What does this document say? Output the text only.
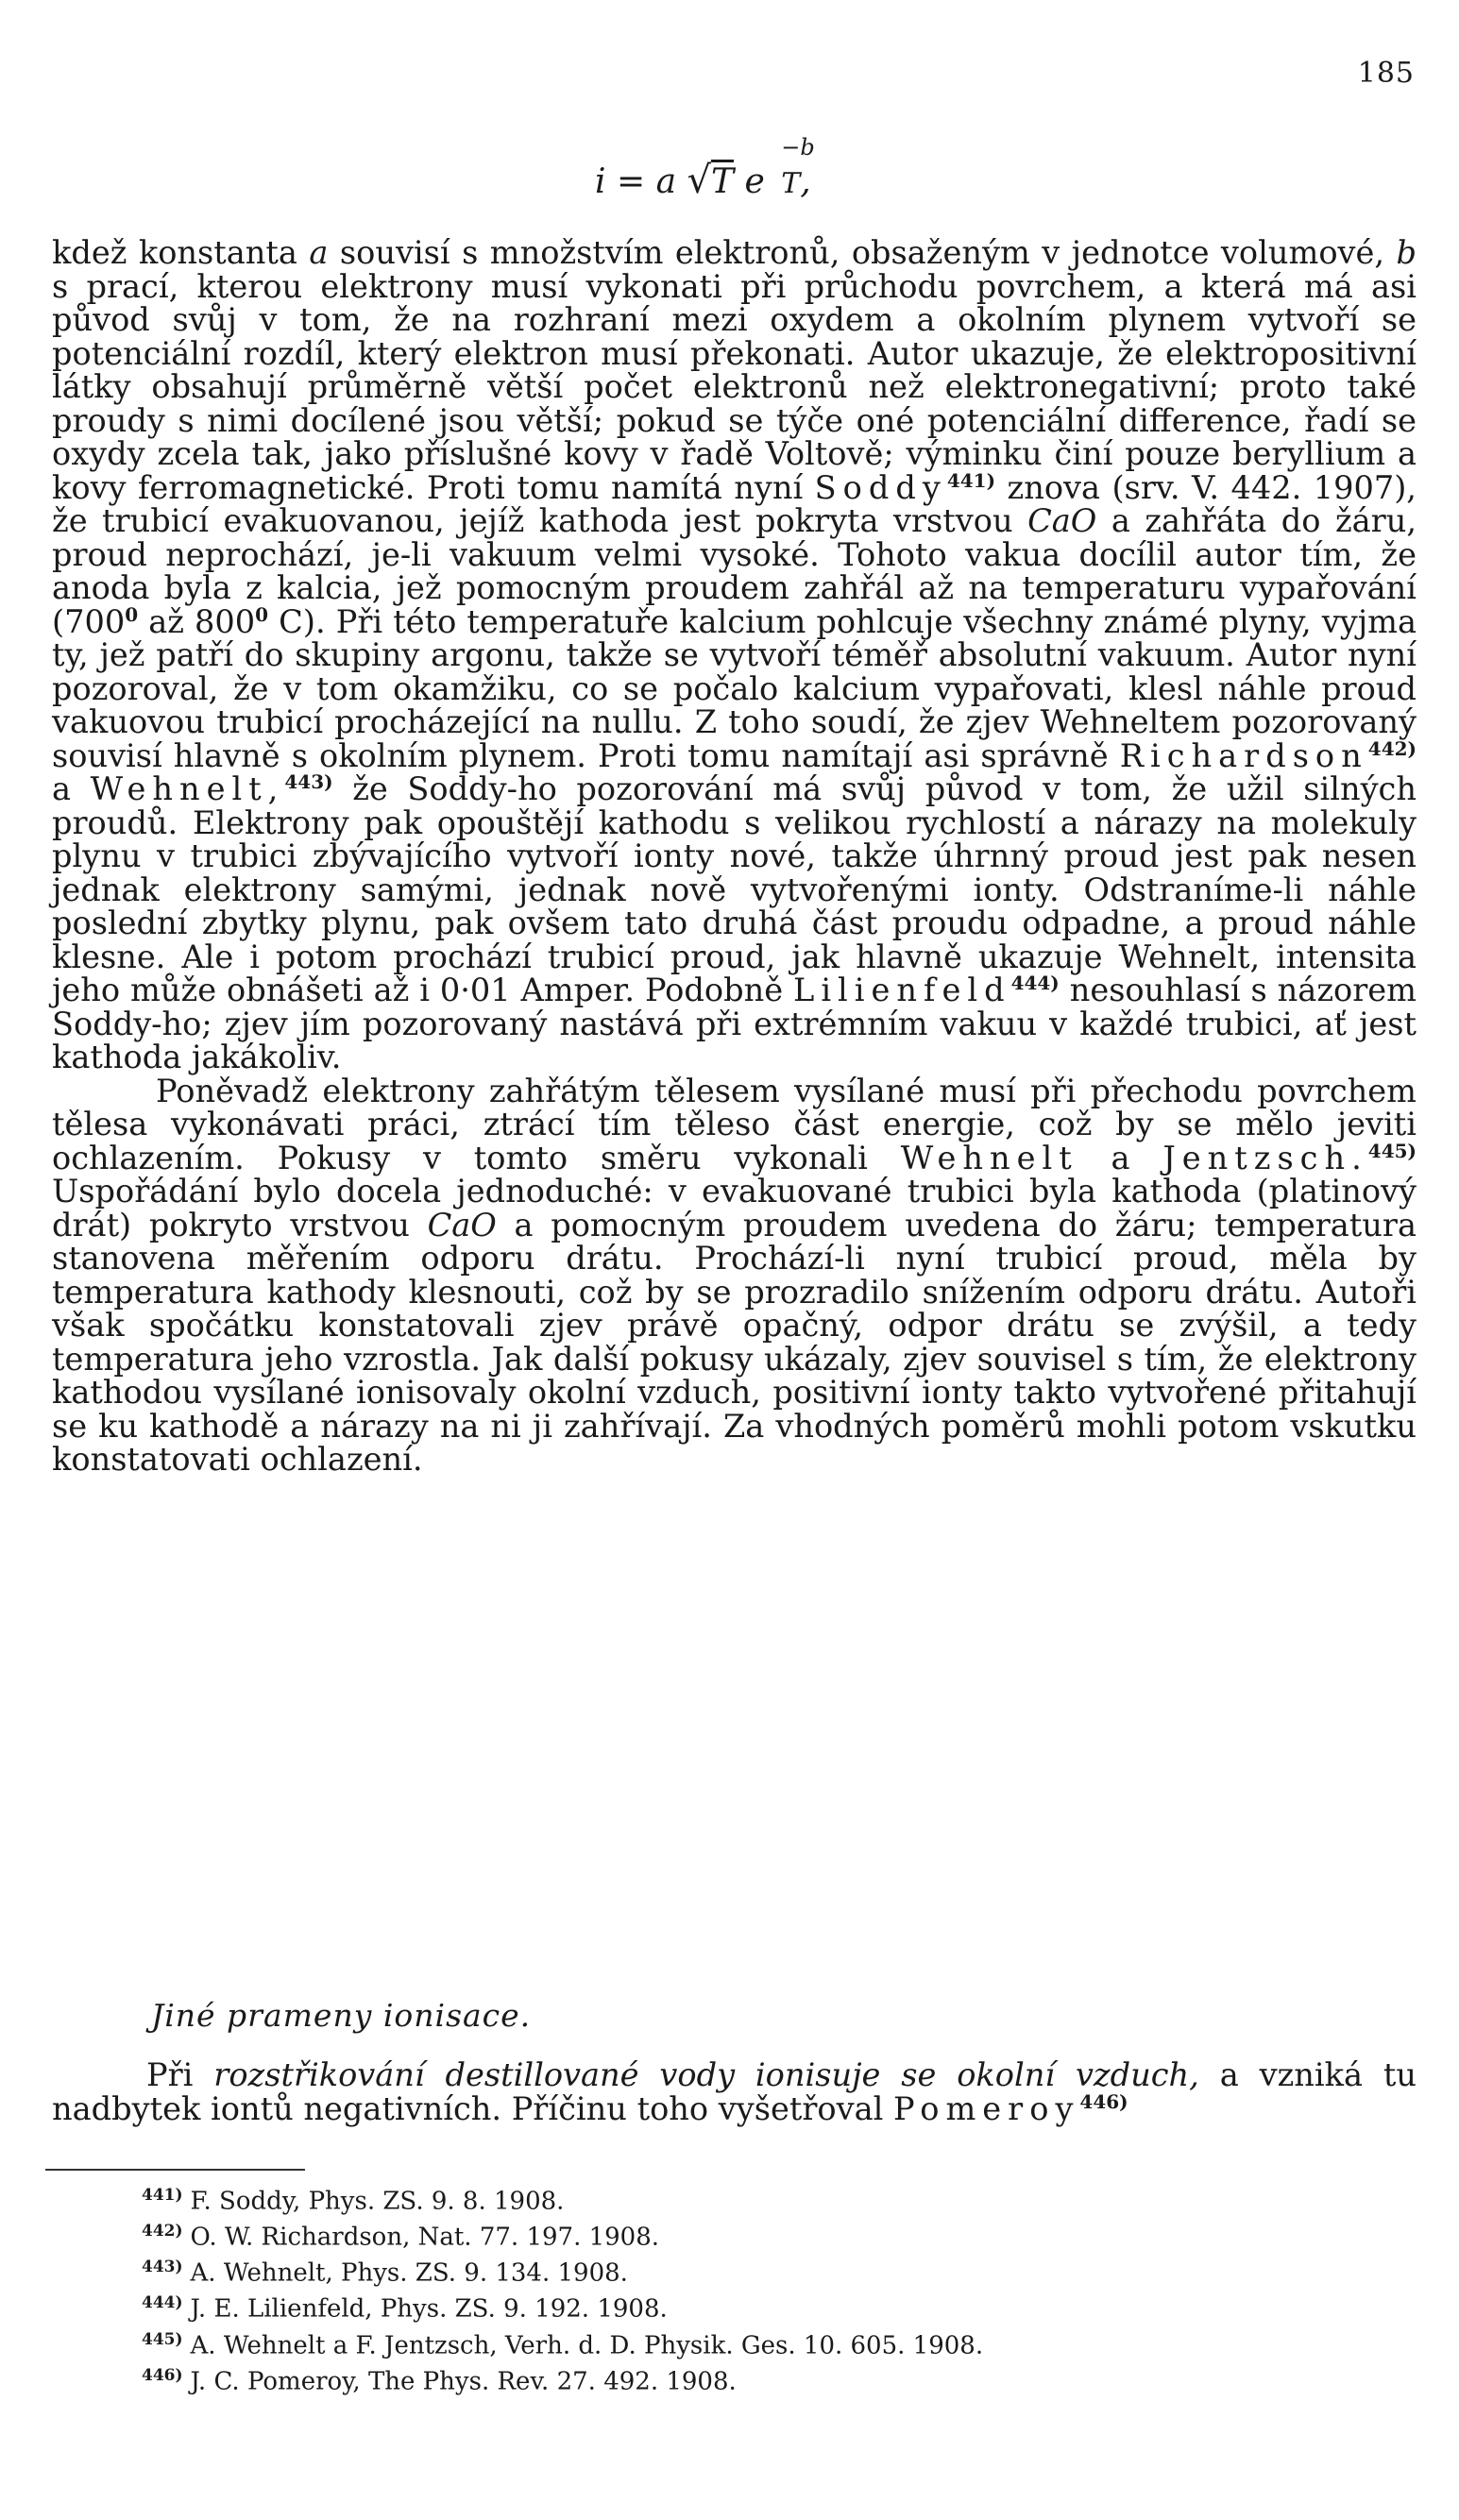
185
i = a √T e
−b
T,

kdež konstanta a souvisí s množstvím elektronů, obsaženým v jednotce volumové, b s prací, kterou elektrony musí vykonati při průchodu povrchem, a která má asi původ svůj v tom, že na rozhraní mezi oxydem a okolním plynem vytvoří se potenciální rozdíl, který elektron musí překonati. Autor ukazuje, že elektropositivní látky obsahují průměrně větší počet elektronů než elektronegativní; proto také proudy s nimi docílené jsou větší; pokud se týče oné potenciální difference, řadí se oxydy zcela tak, jako příslušné kovy v řadě Voltově; výminku činí pouze beryllium a kovy ferromagnetické. Proti tomu namítá nyní Soddy$^{441)}$ znova (srv. V. 442. 1907), že trubicí evakuovanou, jejíž kathoda jest pokryta vrstvou CaO a zahřáta do žáru, proud neprochází, je-li vakuum velmi vysoké. Tohoto vakua docílil autor tím, že anoda byla z kalcia, jež pomocným proudem zahřál až na temperaturu vypařování ($700^0$ až $800^0$ C). Při této temperatuře kalcium pohlcuje všechny známé plyny, vyjma ty, jež patří do skupiny argonu, takže se vytvoří téměř absolutní vakuum. Autor nyní pozoroval, že v tom okamžiku, co se počalo kalcium vypařovati, klesl náhle proud vakuovou trubicí procházející na nullu. Z toho soudí, že zjev Wehneltem pozorovaný souvisí hlavně s okolním plynem. Proti tomu namítají asi správně Richardson$^{442)}$ a Wehnelt,$^{443)}$ že Soddy-ho pozorování má svůj původ v tom, že užil silných proudů. Elektrony pak opouštějí kathodu s velikou rychlostí a nárazy na molekuly plynu v trubici zbývajícího vytvoří ionty nové, takže úhrnný proud jest pak nesen jednak elektrony samými, jednak nově vytvořenými ionty. Odstraníme-li náhle poslední zbytky plynu, pak ovšem tato druhá část proudu odpadne, a proud náhle klesne. Ale i potom prochází trubicí proud, jak hlavně ukazuje Wehnelt, intensita jeho může obnášeti až i 0·01 Amper. Podobně Lilienfeld$^{444)}$ nesouhlasí s názorem Soddy-ho; zjev jím pozorovaný nastává při extrémním vakuu v každé trubici, ať jest kathoda jakákoliv.

Poněvadž elektrony zahřátým tělesem vysílané musí při přechodu povrchem tělesa vykonávati práci, ztrácí tím těleso část energie, což by se mělo jeviti ochlazením. Pokusy v tomto směru vykonali Wehnelt a Jentzsch.$^{445)}$ Uspořádání bylo docela jednoduché: v evakuované trubici byla kathoda (platinový drát) pokryto vrstvou CaO a pomocným proudem uvedena do žáru; temperatura stanovena měřením odporu drátu. Prochází-li nyní trubicí proud, měla by temperatura kathody klesnouti, což by se prozradilo snížením odporu drátu. Autoři však spočátku konstatovali zjev právě opačný, odpor drátu se zvýšil, a tedy temperatura jeho vzrostla. Jak další pokusy ukázaly, zjev souvisel s tím, že elektrony kathodou vysílané ionisovaly okolní vzduch, positivní ionty takto vytvořené přitahují se ku kathodě a nárazy na ni ji zahřívají. Za vhodných poměrů mohli potom vskutku konstatovati ochlazení.

Jiné prameny ionisace.

Při rozstřikování destillované vody ionisuje se okolní vzduch, a vzniká tu nadbytek iontů negativních. Příčinu toho vyšetřoval Pomeroy$^{446)}$

$^{441)}$ F. Soddy, Phys. ZS. 9. 8. 1908.
$^{442)}$ O. W. Richardson, Nat. 77. 197. 1908.
$^{443)}$ A. Wehnelt, Phys. ZS. 9. 134. 1908.
$^{444)}$ J. E. Lilienfeld, Phys. ZS. 9. 192. 1908.
$^{445)}$ A. Wehnelt a F. Jentzsch, Verh. d. D. Physik. Ges. 10. 605. 1908.
$^{446)}$ J. C. Pomeroy, The Phys. Rev. 27. 492. 1908.
